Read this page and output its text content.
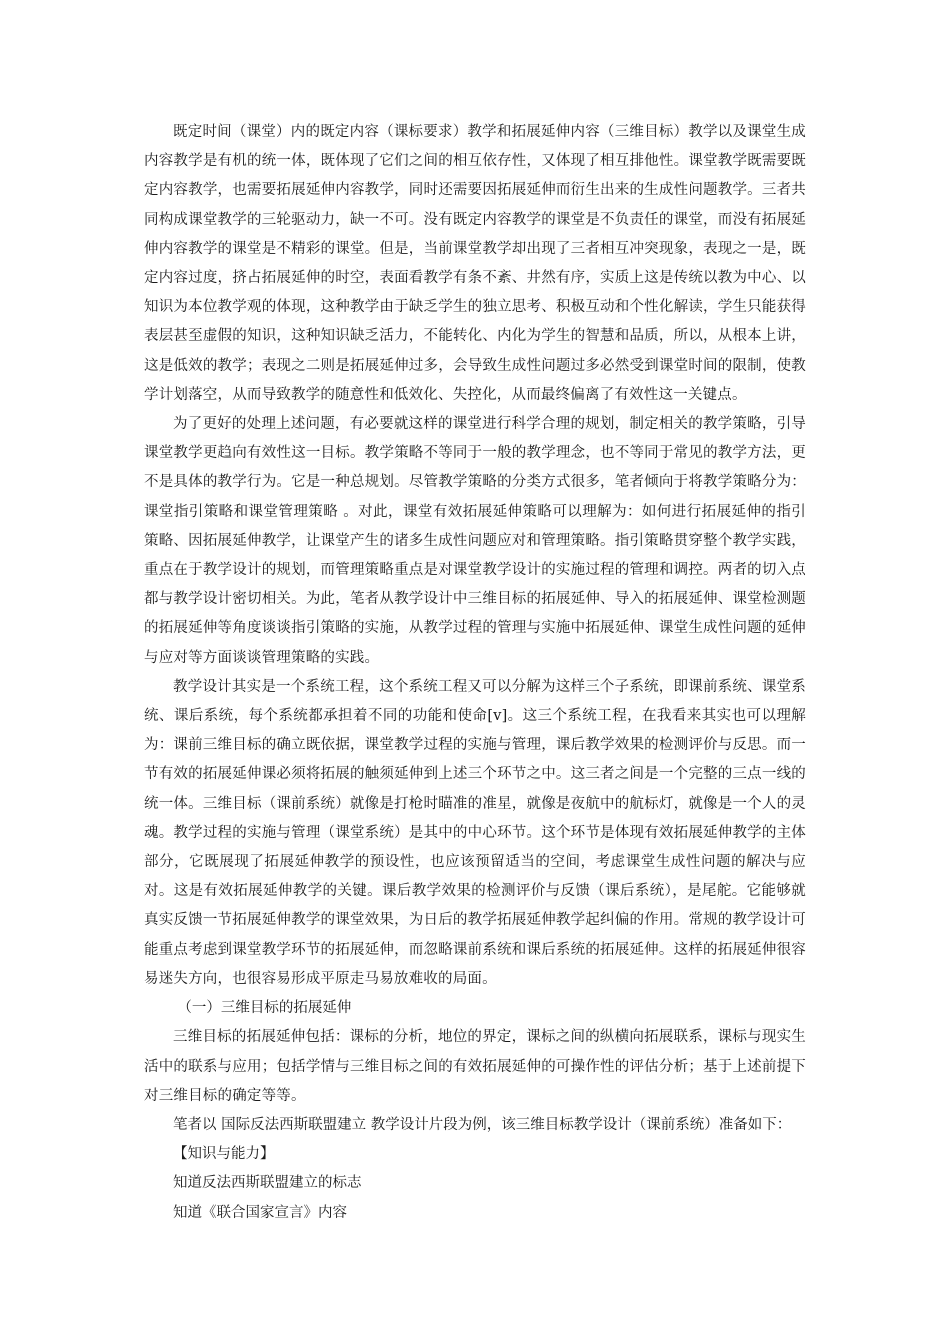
既定时间（课堂）内的既定内容（课标要求）教学和拓展延伸内容（三维目标）教学以及课堂生成内容教学是有机的统一体，既体现了它们之间的相互依存性，又体现了相互排他性。课堂教学既需要既定内容教学，也需要拓展延伸内容教学，同时还需要因拓展延伸而衍生出来的生成性问题教学。三者共同构成课堂教学的三轮驱动力，缺一不可。没有既定内容教学的课堂是不负责任的课堂，而没有拓展延伸内容教学的课堂是不精彩的课堂。但是，当前课堂教学却出现了三者相互冲突现象，表现之一是，既定内容过度，挤占拓展延伸的时空，表面看教学有条不紊、井然有序，实质上这是传统以教为中心、以知识为本位教学观的体现，这种教学由于缺乏学生的独立思考、积极互动和个性化解读，学生只能获得表层甚至虚假的知识，这种知识缺乏活力，不能转化、内化为学生的智慧和品质，所以，从根本上讲，这是低效的教学；表现之二则是拓展延伸过多，会导致生成性问题过多必然受到课堂时间的限制，使教学计划落空，从而导致教学的随意性和低效化、失控化，从而最终偏离了有效性这一关键点。

为了更好的处理上述问题，有必要就这样的课堂进行科学合理的规划，制定相关的教学策略，引导课堂教学更趋向有效性这一目标。教学策略不等同于一般的教学理念，也不等同于常见的教学方法，更不是具体的教学行为。它是一种总规划。尽管教学策略的分类方式很多，笔者倾向于将教学策略分为： 课堂指引策略和课堂管理策略 。对此，课堂有效拓展延伸策略可以理解为：如何进行拓展延伸的指引策略、因拓展延伸教学，让课堂产生的诸多生成性问题应对和管理策略。指引策略贯穿整个教学实践，重点在于教学设计的规划，而管理策略重点是对课堂教学设计的实施过程的管理和调控。两者的切入点都与教学设计密切相关。为此，笔者从教学设计中三维目标的拓展延伸、导入的拓展延伸、课堂检测题的拓展延伸等角度谈谈指引策略的实施，从教学过程的管理与实施中拓展延伸、课堂生成性问题的延伸与应对等方面谈谈管理策略的实践。

教学设计其实是一个系统工程，这个系统工程又可以分解为这样三个子系统，即课前系统、课堂系统、课后系统，每个系统都承担着不同的功能和使命[v]。这三个系统工程，在我看来其实也可以理解为：课前三维目标的确立既依据，课堂教学过程的实施与管理，课后教学效果的检测评价与反思。而一节有效的拓展延伸课必须将拓展的触须延伸到上述三个环节之中。这三者之间是一个完整的三点一线的统一体。三维目标（课前系统）就像是打枪时瞄准的准星，就像是夜航中的航标灯，就像是一个人的灵魂。教学过程的实施与管理（课堂系统）是其中的中心环节。这个环节是体现有效拓展延伸教学的主体部分，它既展现了拓展延伸教学的预设性，也应该预留适当的空间，考虑课堂生成性问题的解决与应对。这是有效拓展延伸教学的关键。课后教学效果的检测评价与反馈（课后系统），是尾舵。它能够就真实反馈一节拓展延伸教学的课堂效果，为日后的教学拓展延伸教学起纠偏的作用。常规的教学设计可能重点考虑到课堂教学环节的拓展延伸，而忽略课前系统和课后系统的拓展延伸。这样的拓展延伸很容易迷失方向，也很容易形成平原走马易放难收的局面。

（一）三维目标的拓展延伸

三维目标的拓展延伸包括：课标的分析，地位的界定，课标之间的纵横向拓展联系，课标与现实生活中的联系与应用；包括学情与三维目标之间的有效拓展延伸的可操作性的评估分析；基于上述前提下对三维目标的确定等等。

笔者以 国际反法西斯联盟建立 教学设计片段为例，该三维目标教学设计（课前系统）准备如下：

【知识与能力】

知道反法西斯联盟建立的标志

知道《联合国家宣言》内容
